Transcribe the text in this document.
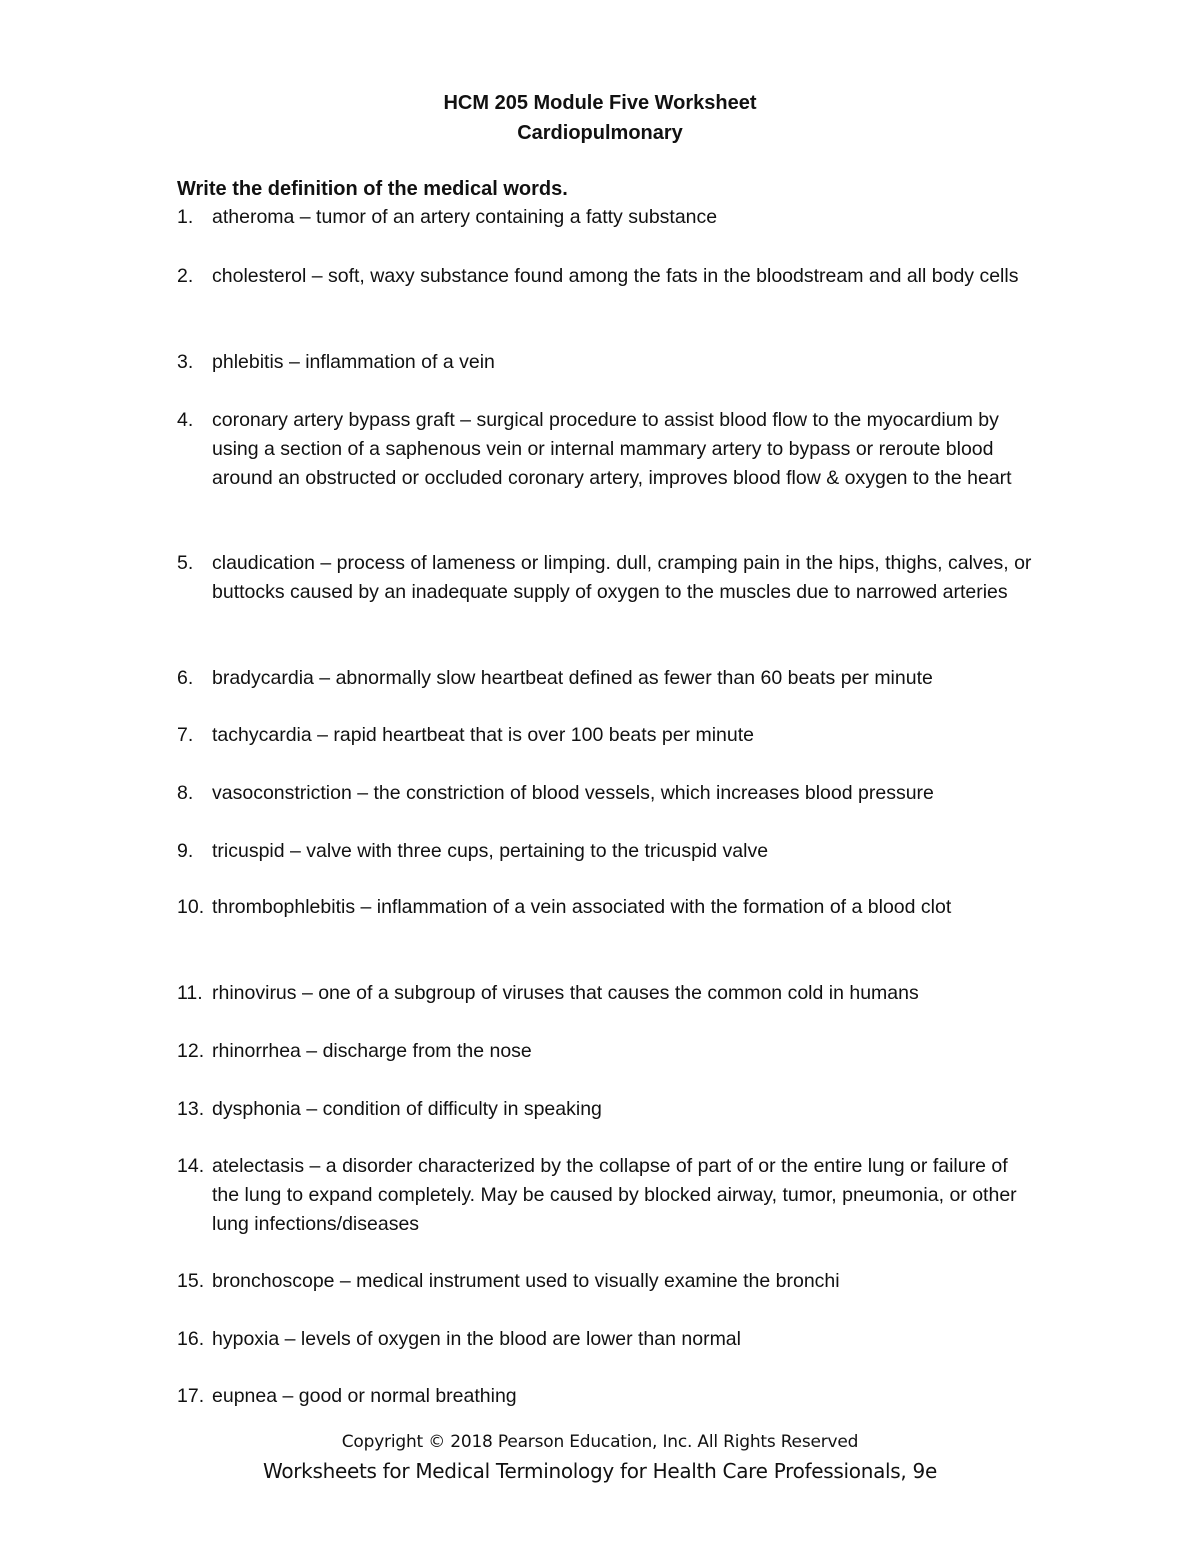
HCM 205 Module Five Worksheet
Cardiopulmonary
Write the definition of the medical words.
1. atheroma – tumor of an artery containing a fatty substance
2. cholesterol – soft, waxy substance found among the fats in the bloodstream and all body cells
3. phlebitis – inflammation of a vein
4. coronary artery bypass graft – surgical procedure to assist blood flow to the myocardium by using a section of a saphenous vein or internal mammary artery to bypass or reroute blood around an obstructed or occluded coronary artery, improves blood flow & oxygen to the heart
5. claudication – process of lameness or limping. dull, cramping pain in the hips, thighs, calves, or buttocks caused by an inadequate supply of oxygen to the muscles due to narrowed arteries
6. bradycardia – abnormally slow heartbeat defined as fewer than 60 beats per minute
7. tachycardia – rapid heartbeat that is over 100 beats per minute
8. vasoconstriction – the constriction of blood vessels, which increases blood pressure
9. tricuspid – valve with three cups, pertaining to the tricuspid valve
10. thrombophlebitis – inflammation of a vein associated with the formation of a blood clot
11. rhinovirus – one of a subgroup of viruses that causes the common cold in humans
12. rhinorrhea – discharge from the nose
13. dysphonia – condition of difficulty in speaking
14. atelectasis – a disorder characterized by the collapse of part of or the entire lung or failure of the lung to expand completely. May be caused by blocked airway, tumor, pneumonia, or other lung infections/diseases
15. bronchoscope – medical instrument used to visually examine the bronchi
16. hypoxia – levels of oxygen in the blood are lower than normal
17. eupnea – good or normal breathing
Copyright © 2018 Pearson Education, Inc. All Rights Reserved
Worksheets for Medical Terminology for Health Care Professionals, 9e
